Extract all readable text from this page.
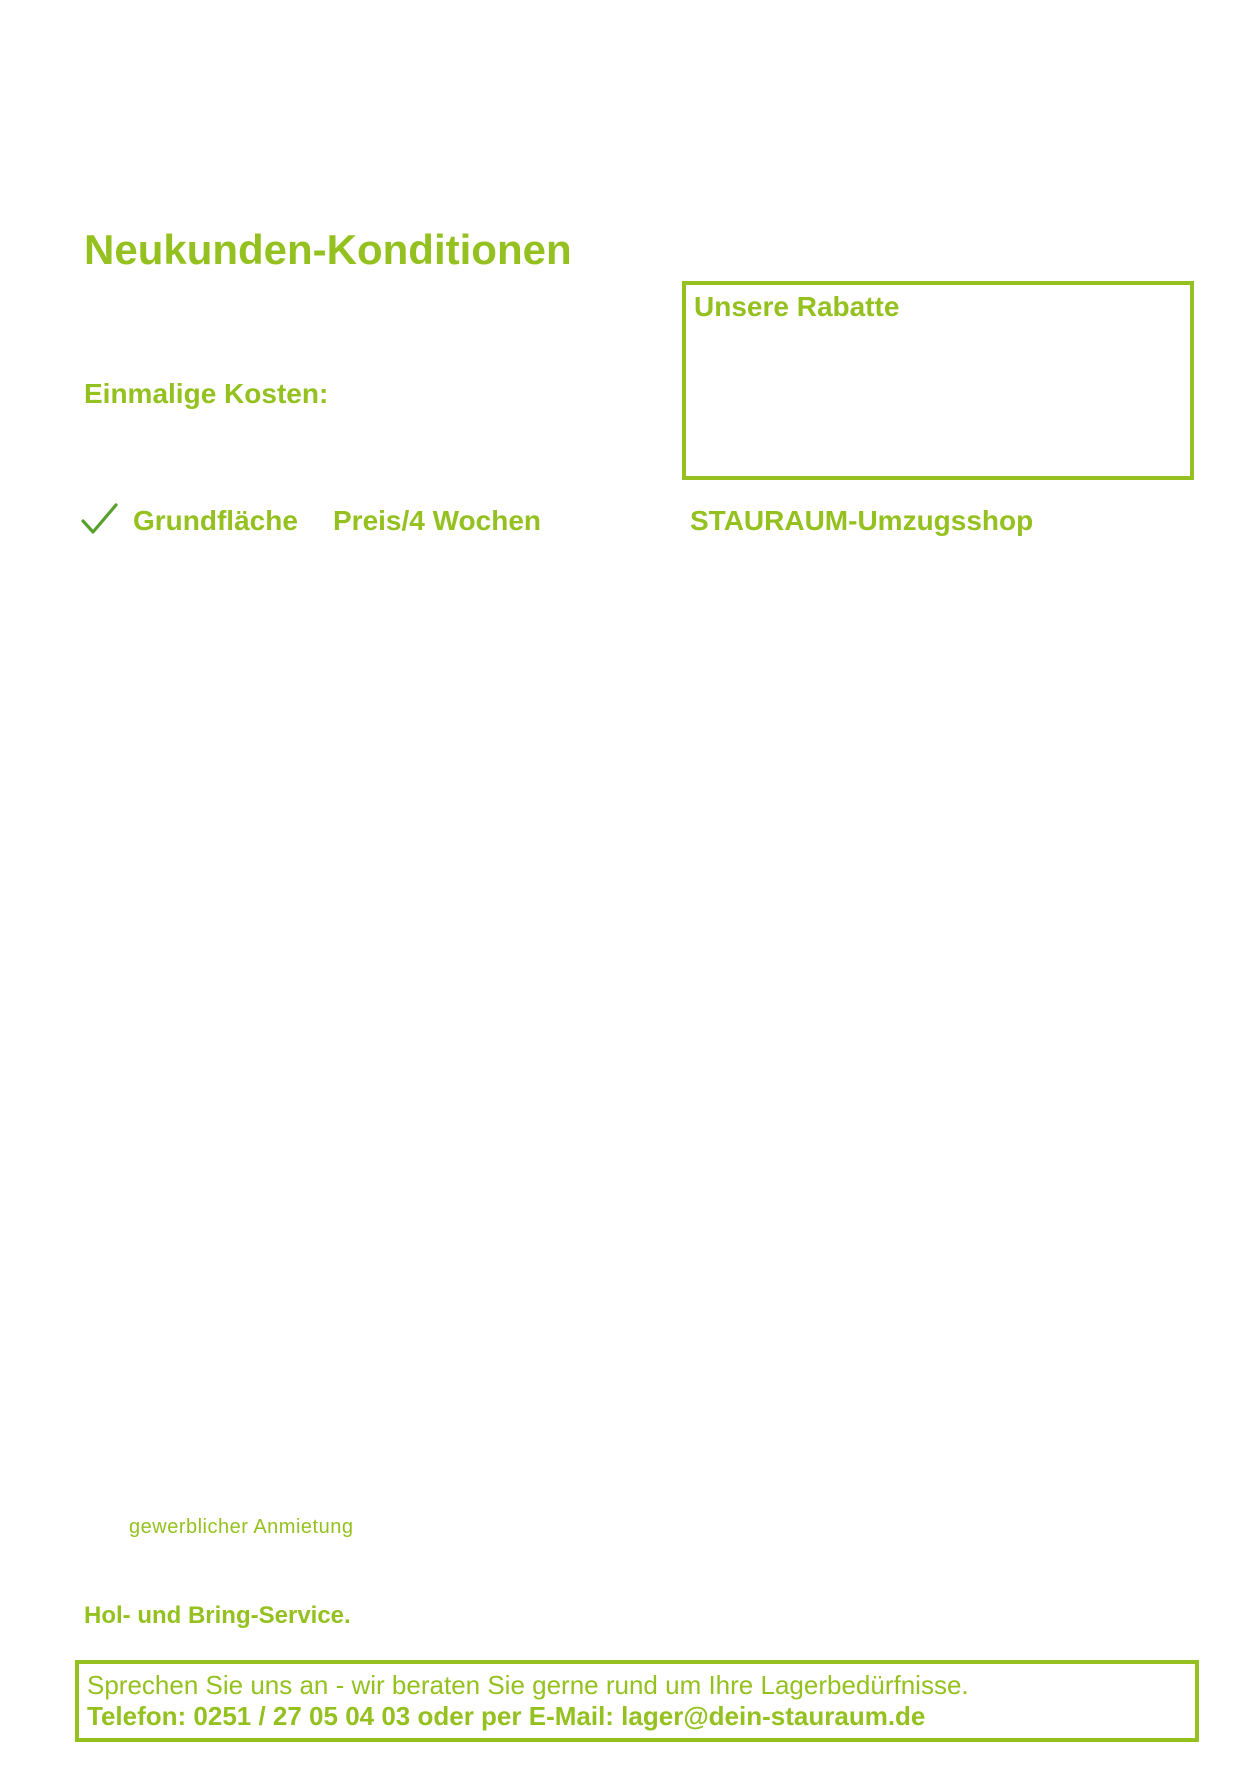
Neukunden-Konditionen
Einmalige Kosten:
Unsere Rabatte
Grundfläche Preis/4 Wochen	STAURAUM-Umzugsshop
gewerblicher Anmietung
Hol- und Bring-Service.
Sprechen Sie uns an - wir beraten Sie gerne rund um Ihre Lagerbedürfnisse.
Telefon: 0251 / 27 05 04 03 oder per E-Mail: lager@dein-stauraum.de
